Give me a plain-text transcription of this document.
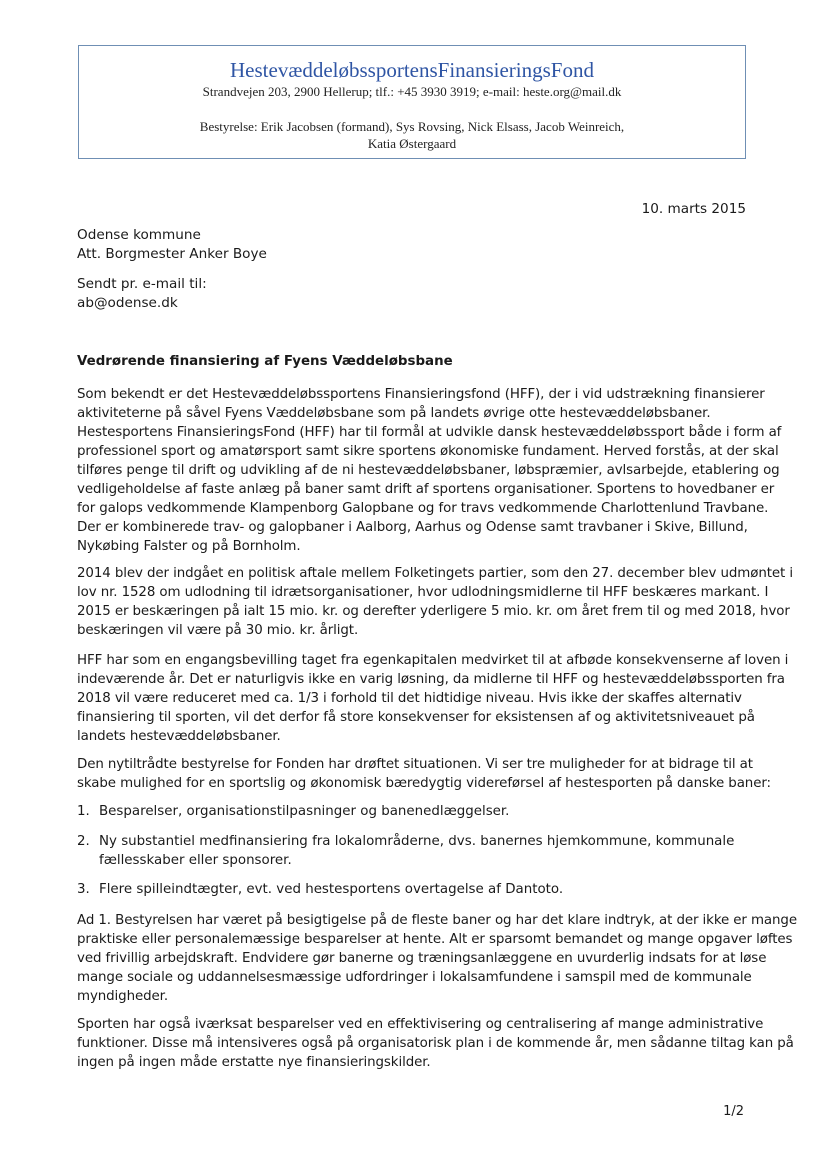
HestevæddeløbssportensFinansieringsFond
Strandvejen 203, 2900 Hellerup; tlf.: +45 3930 3919; e-mail: heste.org@mail.dk
Bestyrelse: Erik Jacobsen (formand), Sys Rovsing, Nick Elsass, Jacob Weinreich,
Katia Østergaard
10. marts 2015
Odense kommune
Att. Borgmester Anker Boye
Sendt pr. e-mail til:
ab@odense.dk
Vedrørende finansiering af Fyens Væddeløbsbane
Som bekendt er det Hestevæddeløbssportens Finansieringsfond (HFF), der i vid udstrækning finansierer
aktiviteterne på såvel Fyens Væddeløbsbane som på landets øvrige otte hestevæddeløbsbaner.
Hestesportens FinansieringsFond (HFF) har til formål at udvikle dansk hestevæddeløbssport både i form af
professionel sport og amatørsport samt sikre sportens økonomiske fundament. Herved forstås, at der skal
tilføres penge til drift og udvikling af de ni hestevæddeløbsbaner, løbspræmier, avlsarbejde, etablering og
vedligeholdelse af faste anlæg på baner samt drift af sportens organisationer. Sportens to hovedbaner er
for galops vedkommende Klampenborg Galopbane og for travs vedkommende Charlottenlund Travbane.
Der er kombinerede trav- og galopbaner i Aalborg, Aarhus og Odense samt travbaner i Skive, Billund,
Nykøbing Falster og på Bornholm.
2014 blev der indgået en politisk aftale mellem Folketingets partier, som den 27. december blev udmøntet i
lov nr. 1528 om udlodning til idrætsorganisationer, hvor udlodningsmidlerne til HFF beskæres markant. I
2015 er beskæringen på ialt 15 mio. kr. og derefter yderligere 5 mio. kr. om året frem til og med 2018, hvor
beskæringen vil være på 30 mio. kr. årligt.
HFF har som en engangsbevilling taget fra egenkapitalen medvirket til at afbøde konsekvenserne af loven i
indeværende år. Det er naturligvis ikke en varig løsning, da midlerne til HFF og hestevæddeløbssporten fra
2018 vil være reduceret med ca. 1/3 i forhold til det hidtidige niveau. Hvis ikke der skaffes alternativ
finansiering til sporten, vil det derfor få store konsekvenser for eksistensen af og aktivitetsniveauet på
landets hestevæddeløbsbaner.
Den nytiltrådte bestyrelse for Fonden har drøftet situationen. Vi ser tre muligheder for at bidrage til at
skabe mulighed for en sportslig og økonomisk bæredygtig videreførsel af hestesporten på danske baner:
1. Besparelser, organisationstilpasninger og banenedlæggelser.
2. Ny substantiel medfinansiering fra lokalområderne, dvs. banernes hjemkommune, kommunale
fællesskaber eller sponsorer.
3. Flere spilleindtægter, evt. ved hestesportens overtagelse af Dantoto.
Ad 1. Bestyrelsen har været på besigtigelse på de fleste baner og har det klare indtryk, at der ikke er mange
praktiske eller personalemæssige besparelser at hente. Alt er sparsomt bemandet og mange opgaver løftes
ved frivillig arbejdskraft. Endvidere gør banerne og træningsanlæggene en uvurderlig indsats for at løse
mange sociale og uddannelsesmæssige udfordringer i lokalsamfundene i samspil med de kommunale
myndigheder.
Sporten har også iværksat besparelser ved en effektivisering og centralisering af mange administrative
funktioner. Disse må intensiveres også på organisatorisk plan i de kommende år, men sådanne tiltag kan på
ingen på ingen måde erstatte nye finansieringskilder.
1/2
